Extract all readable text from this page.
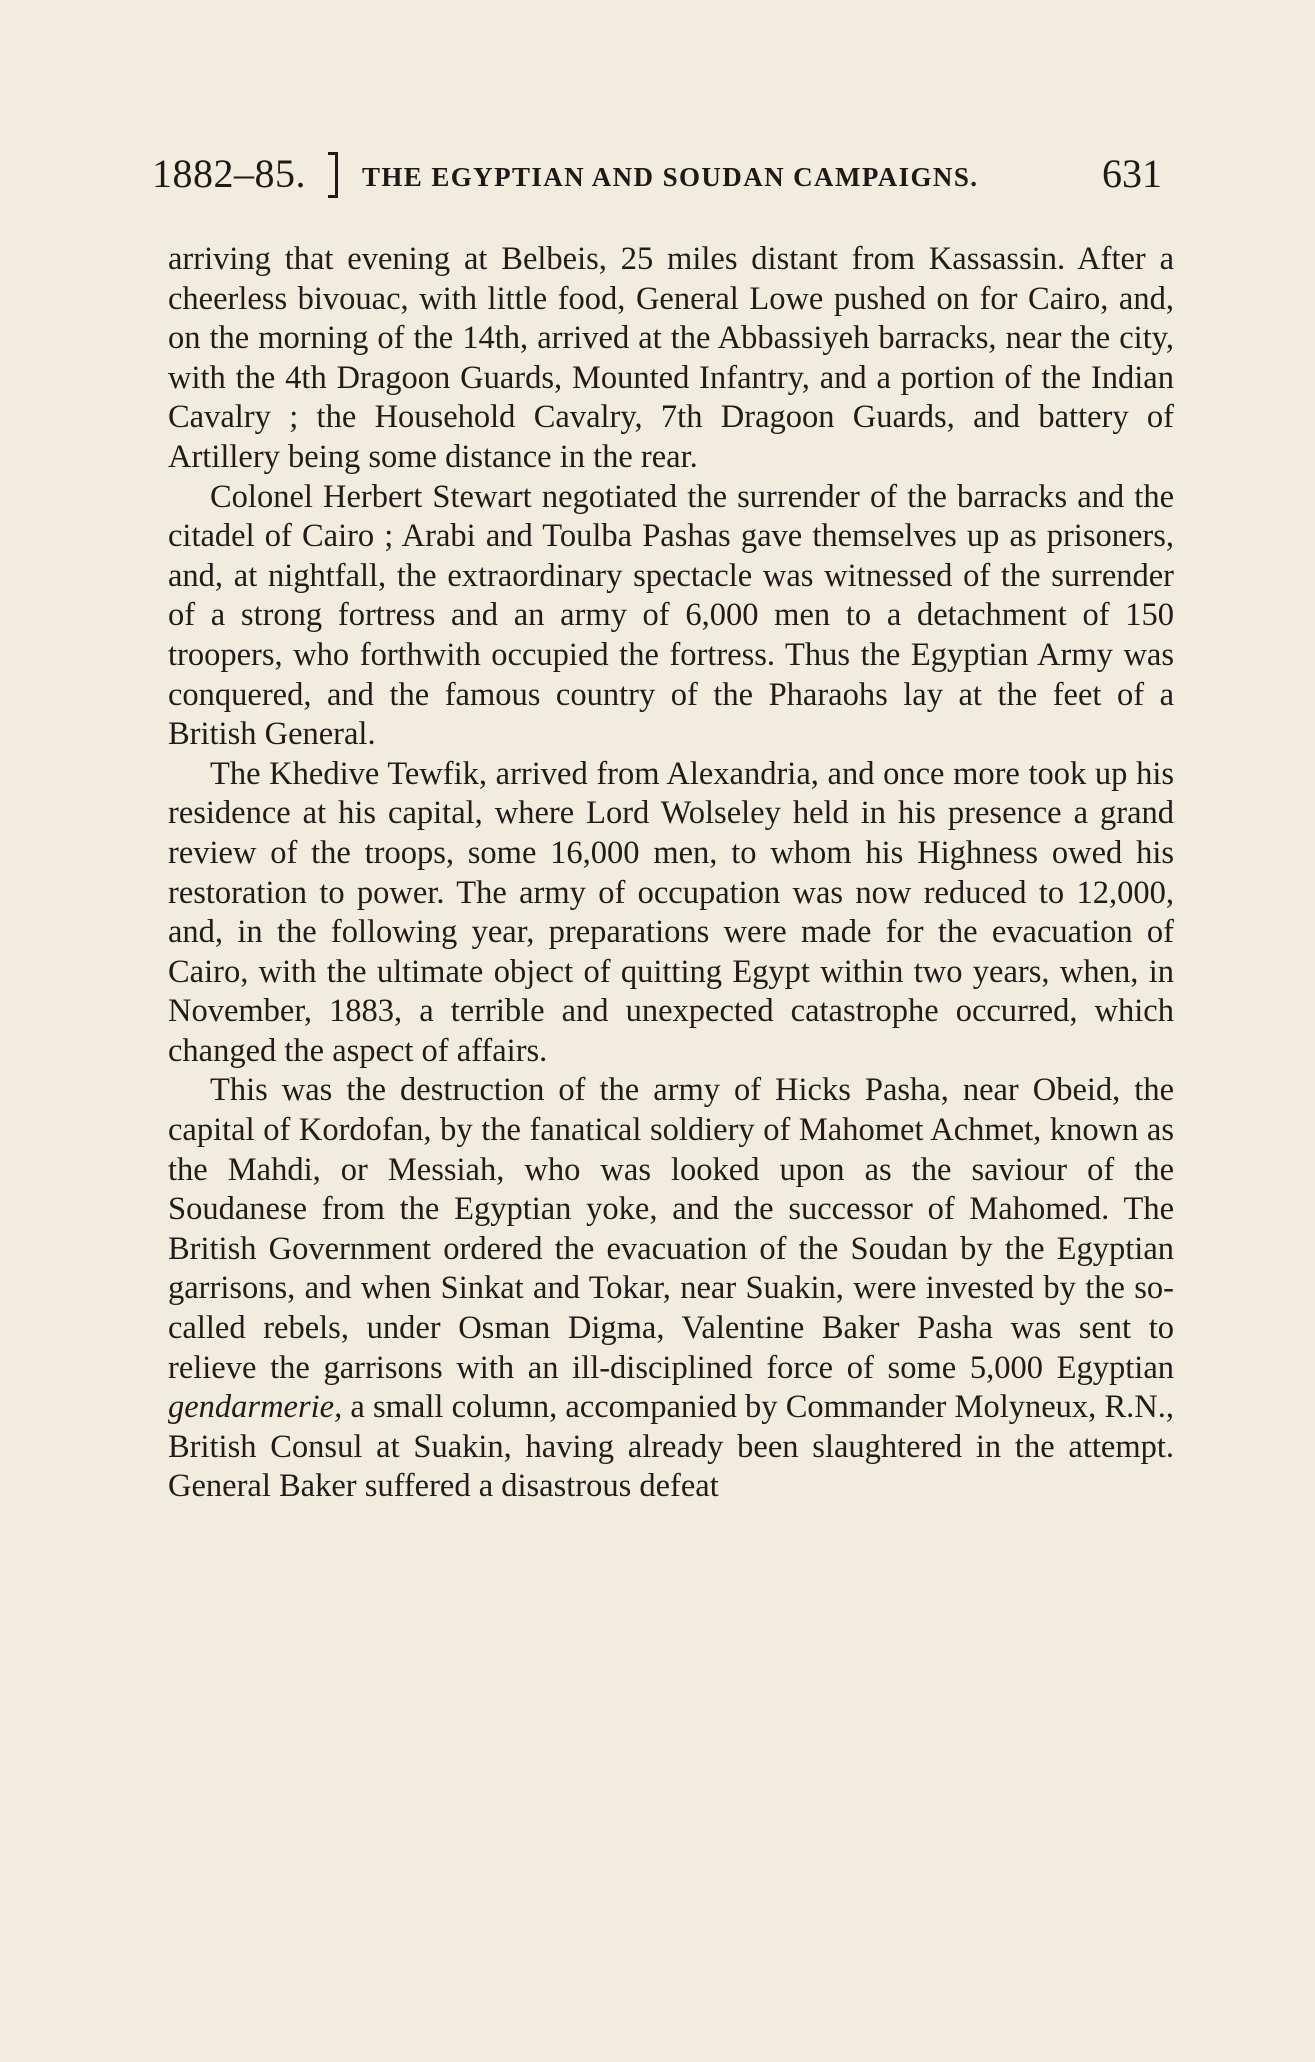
1882–85. THE EGYPTIAN AND SOUDAN CAMPAIGNS.	631

arriving that evening at Belbeis, 25 miles distant from Kassassin. After a cheerless bivouac, with little food, General Lowe pushed on for Cairo, and, on the morning of the 14th, arrived at the Abbassiyeh barracks, near the city, with the 4th Dragoon Guards, Mounted Infantry, and a portion of the Indian Cavalry ; the Household Cavalry, 7th Dragoon Guards, and battery of Artillery being some distance in the rear.

Colonel Herbert Stewart negotiated the surrender of the barracks and the citadel of Cairo ; Arabi and Toulba Pashas gave themselves up as prisoners, and, at nightfall, the extraordinary spectacle was witnessed of the surrender of a strong fortress and an army of 6,000 men to a detachment of 150 troopers, who forthwith occupied the fortress. Thus the Egyptian Army was conquered, and the famous country of the Pharaohs lay at the feet of a British General.

The Khedive Tewfik, arrived from Alexandria, and once more took up his residence at his capital, where Lord Wolseley held in his presence a grand review of the troops, some 16,000 men, to whom his Highness owed his restoration to power. The army of occupation was now reduced to 12,000, and, in the following year, preparations were made for the evacuation of Cairo, with the ultimate object of quitting Egypt within two years, when, in November, 1883, a terrible and unexpected catastrophe occurred, which changed the aspect of affairs.

This was the destruction of the army of Hicks Pasha, near Obeid, the capital of Kordofan, by the fanatical soldiery of Mahomet Achmet, known as the Mahdi, or Messiah, who was looked upon as the saviour of the Soudanese from the Egyptian yoke, and the successor of Mahomed. The British Government ordered the evacuation of the Soudan by the Egyptian garrisons, and when Sinkat and Tokar, near Suakin, were invested by the so-called rebels, under Osman Digma, Valentine Baker Pasha was sent to relieve the garrisons with an ill-disciplined force of some 5,000 Egyptian gendarmerie, a small column, accompanied by Commander Molyneux, R.N., British Consul at Suakin, having already been slaughtered in the attempt. General Baker suffered a disastrous defeat
